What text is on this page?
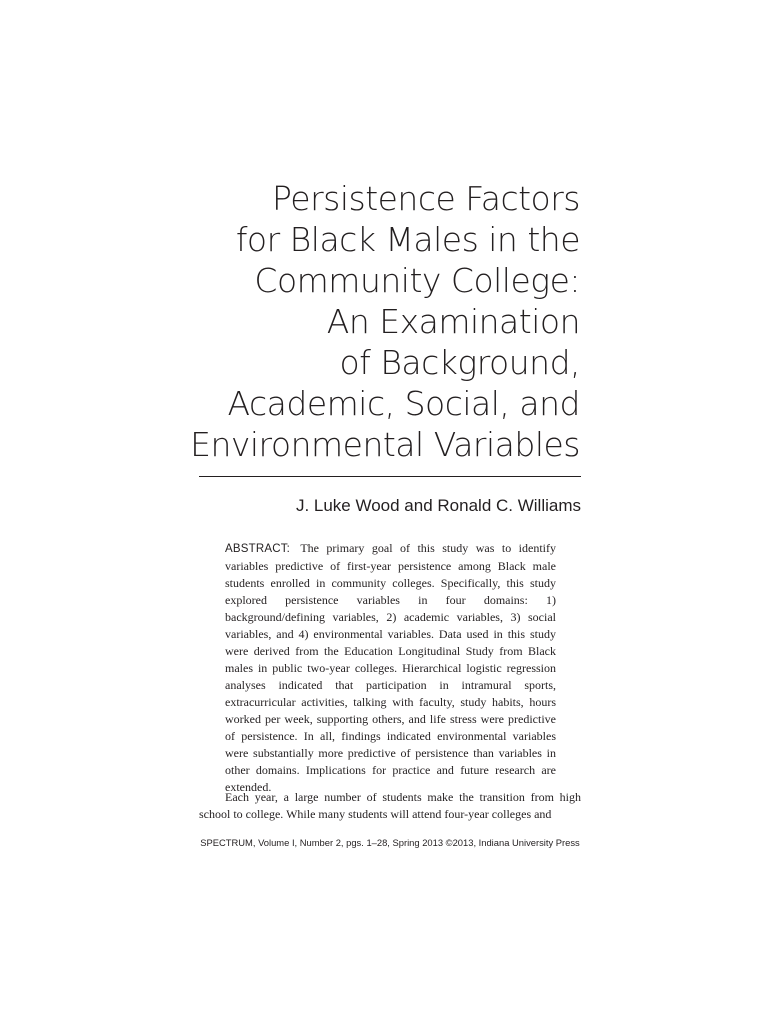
Persistence Factors
for Black Males in the
Community College:
An Examination
of Background,
Academic, Social, and
Environmental Variables
J. Luke Wood and Ronald C. Williams
ABSTRACT: The primary goal of this study was to identify variables predictive of first-year persistence among Black male students enrolled in community colleges. Specifically, this study explored persistence variables in four domains: 1) background/defining variables, 2) academic variables, 3) social variables, and 4) environmental variables. Data used in this study were derived from the Education Longitudinal Study from Black males in public two-year colleges. Hierarchical logistic regression analyses indicated that participation in intramural sports, extracurricular activities, talking with faculty, study habits, hours worked per week, supporting others, and life stress were predictive of persistence. In all, findings indicated environmental variables were substantially more predictive of persistence than variables in other domains. Implications for practice and future research are extended.
Each year, a large number of students make the transition from high school to college. While many students will attend four-year colleges and
SPECTRUM, Volume I, Number 2, pgs. 1–28, Spring 2013 ©2013, Indiana University Press
